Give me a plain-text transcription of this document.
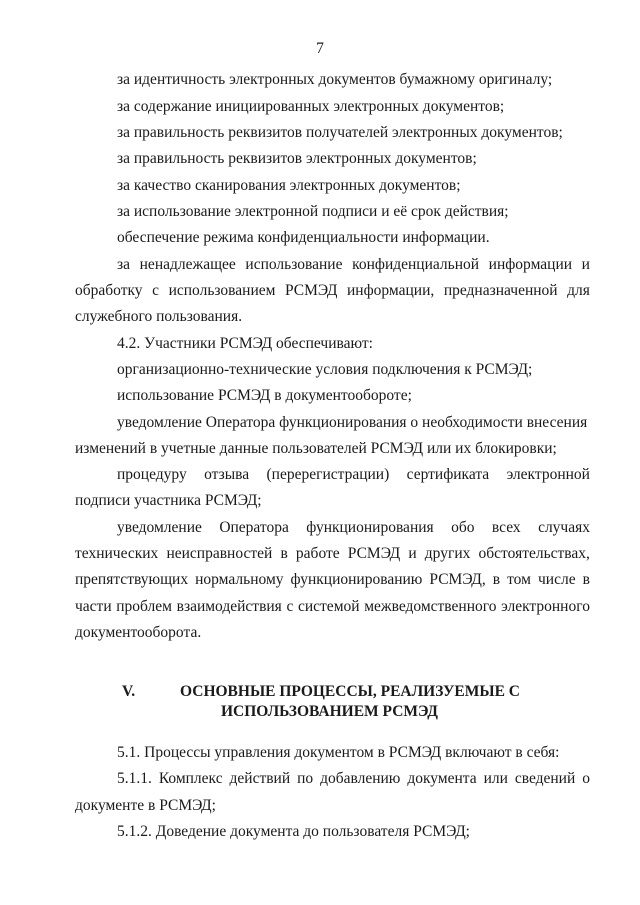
7
за идентичность электронных документов бумажному оригиналу;
за содержание инициированных электронных документов;
за правильность реквизитов получателей электронных документов;
за правильность реквизитов электронных документов;
за качество сканирования электронных документов;
за использование электронной подписи и её срок действия;
обеспечение режима конфиденциальности информации.
за ненадлежащее использование конфиденциальной информации и
обработку с использованием РСМЭД информации, предназначенной для
служебного пользования.
4.2. Участники РСМЭД обеспечивают:
организационно-технические условия подключения к РСМЭД;
использование РСМЭД в документообороте;
уведомление Оператора функционирования о необходимости внесения
изменений в учетные данные пользователей РСМЭД или их блокировки;
процедуру отзыва (перерегистрации) сертификата электронной
подписи участника РСМЭД;
уведомление Оператора функционирования обо всех случаях
технических неисправностей в работе РСМЭД и других обстоятельствах,
препятствующих нормальному функционированию РСМЭД, в том числе в
части проблем взаимодействия с системой межведомственного электронного
документооборота.
V.	ОСНОВНЫЕ ПРОЦЕССЫ, РЕАЛИЗУЕМЫЕ С
ИСПОЛЬЗОВАНИЕМ РСМЭД
5.1. Процессы управления документом в РСМЭД включают в себя:
5.1.1. Комплекс действий по добавлению документа или сведений о
документе в РСМЭД;
5.1.2. Доведение документа до пользователя РСМЭД;
